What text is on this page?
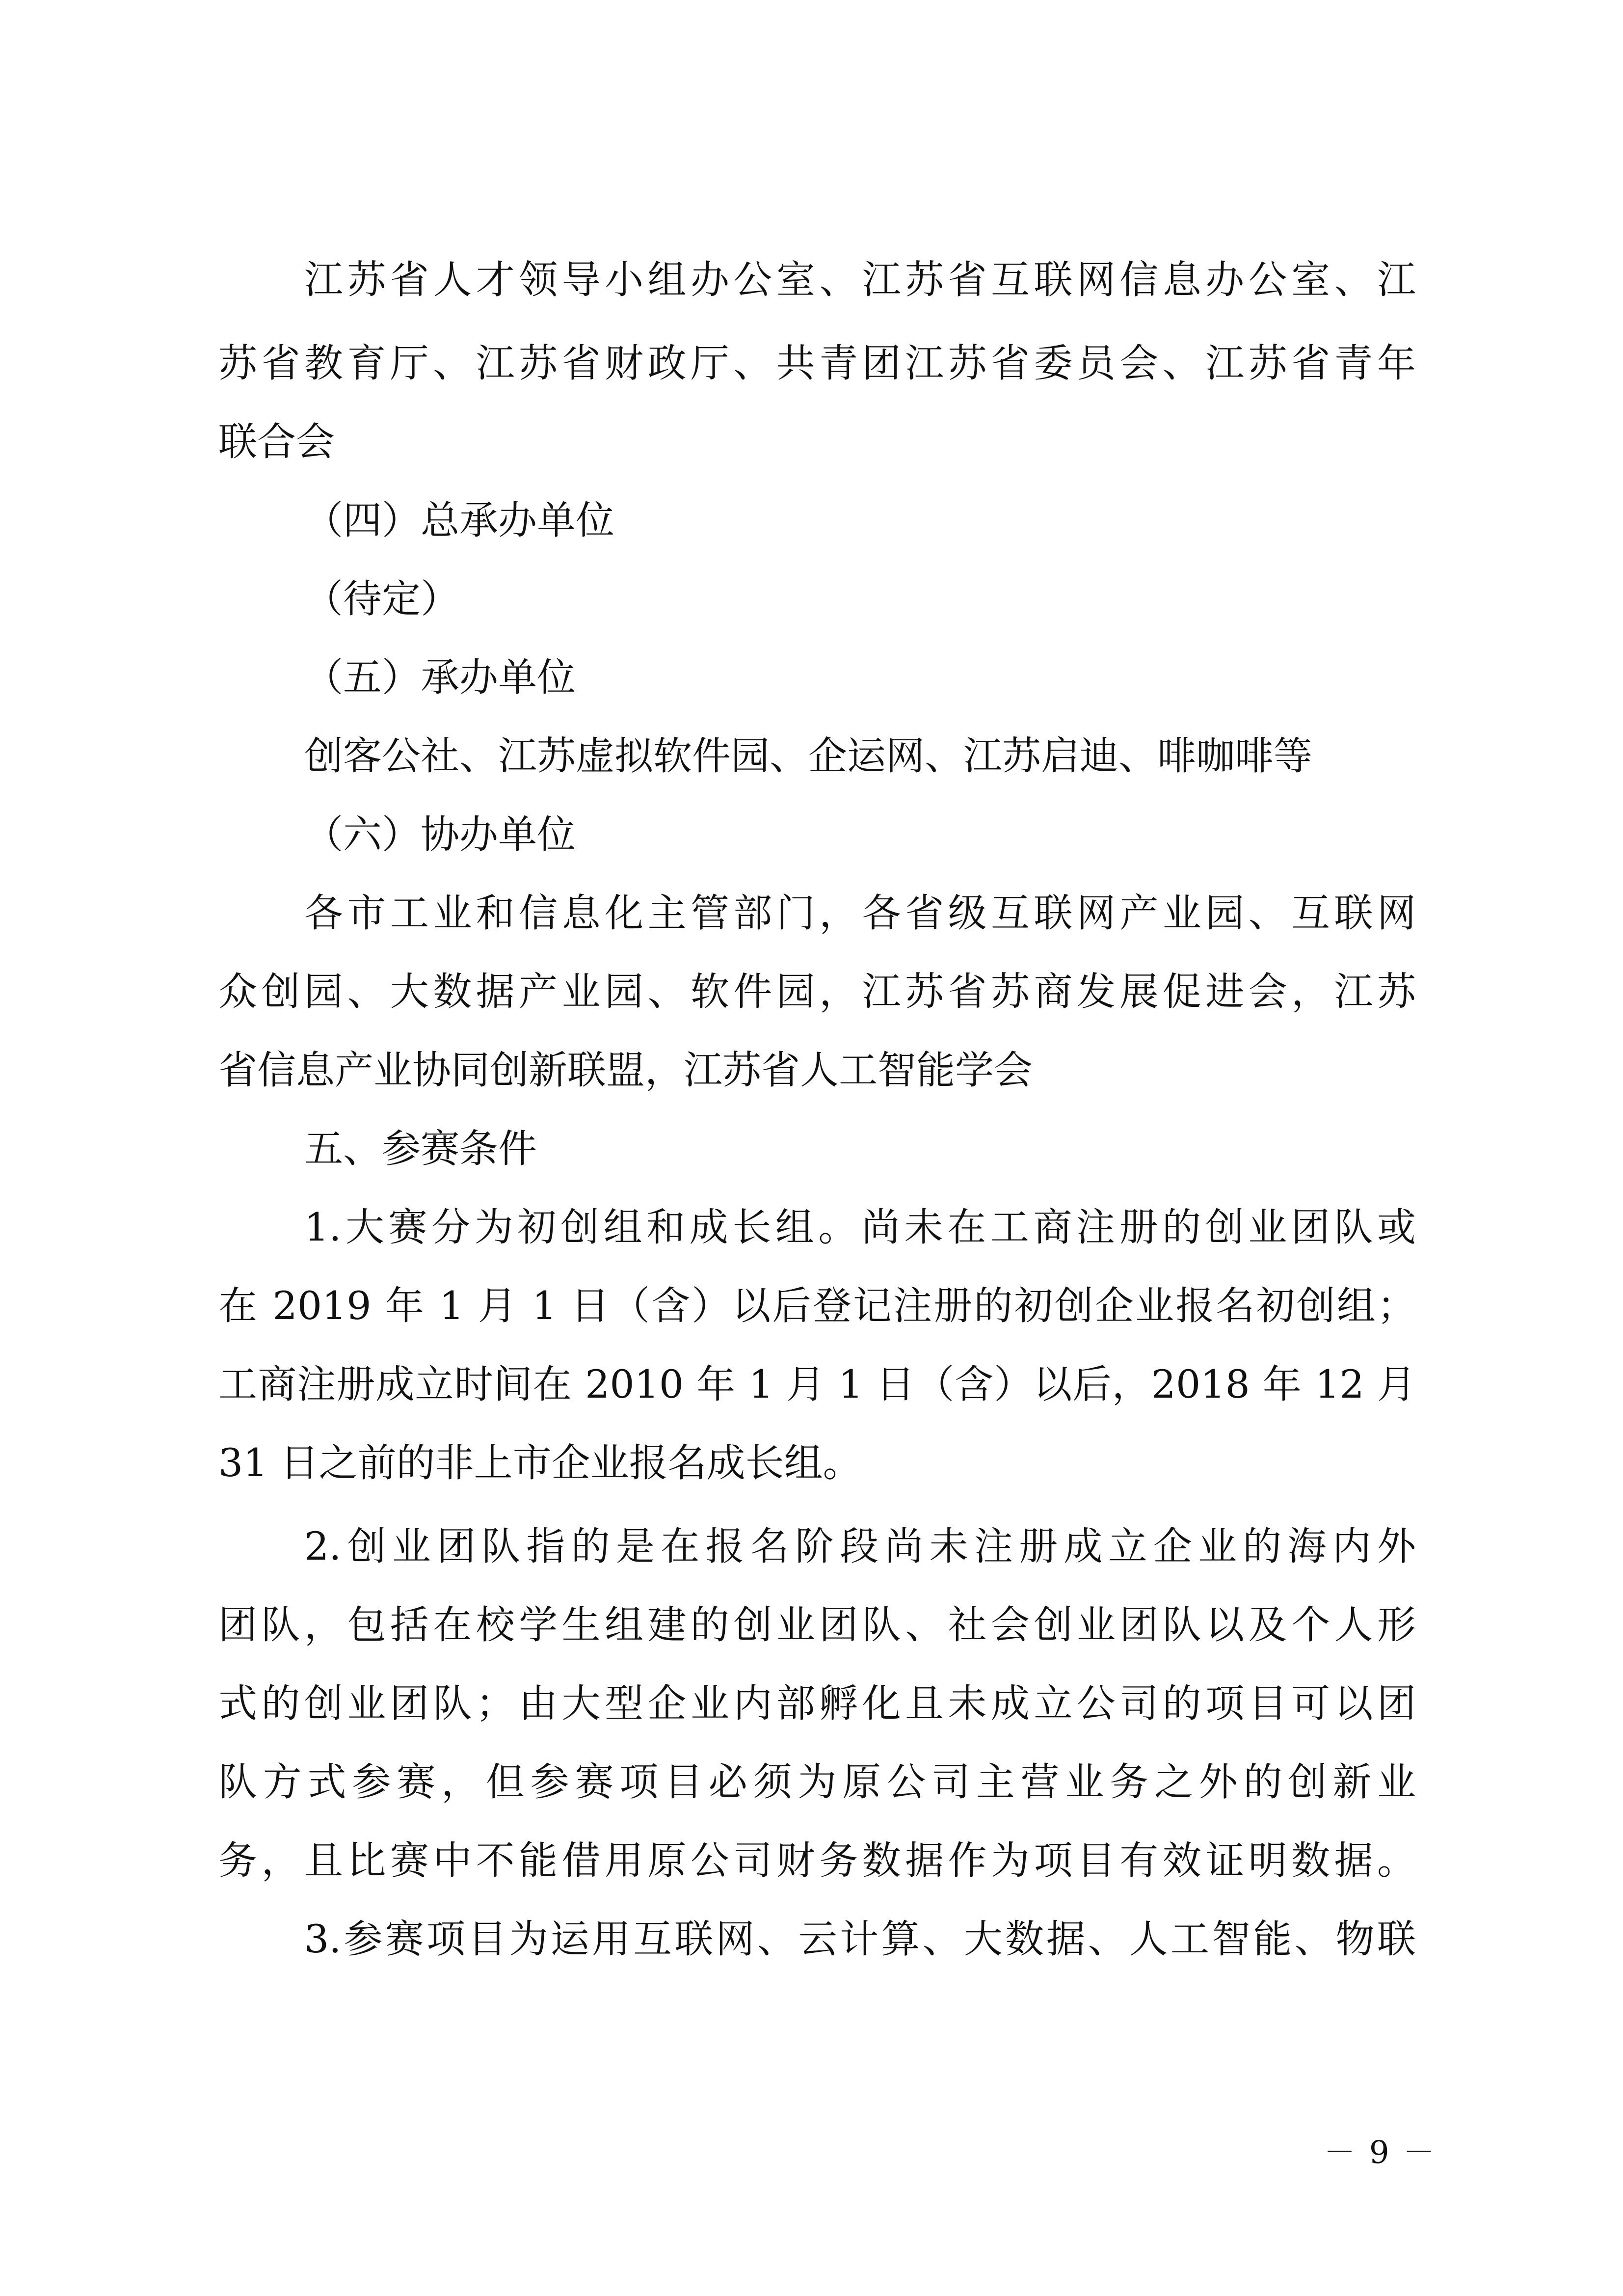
江苏省人才领导小组办公室、江苏省互联网信息办公室、江
苏省教育厅、江苏省财政厅、共青团江苏省委员会、江苏省青年
联合会
（四）总承办单位
（待定）
（五）承办单位
创客公社、江苏虚拟软件园、企运网、江苏启迪、啡咖啡等
（六）协办单位
各市工业和信息化主管部门，各省级互联网产业园、互联网
众创园、大数据产业园、软件园，江苏省苏商发展促进会，江苏
省信息产业协同创新联盟，江苏省人工智能学会
五、参赛条件
1.大赛分为初创组和成长组。尚未在工商注册的创业团队或
在 2019 年 1 月 1 日（含）以后登记注册的初创企业报名初创组；
工商注册成立时间在 2010 年 1 月 1 日（含）以后，2018 年 12 月
31 日之前的非上市企业报名成长组。
2.创业团队指的是在报名阶段尚未注册成立企业的海内外
团队，包括在校学生组建的创业团队、社会创业团队以及个人形
式的创业团队；由大型企业内部孵化且未成立公司的项目可以团
队方式参赛，但参赛项目必须为原公司主营业务之外的创新业
务，且比赛中不能借用原公司财务数据作为项目有效证明数据。
3.参赛项目为运用互联网、云计算、大数据、人工智能、物联
－ 9 －
